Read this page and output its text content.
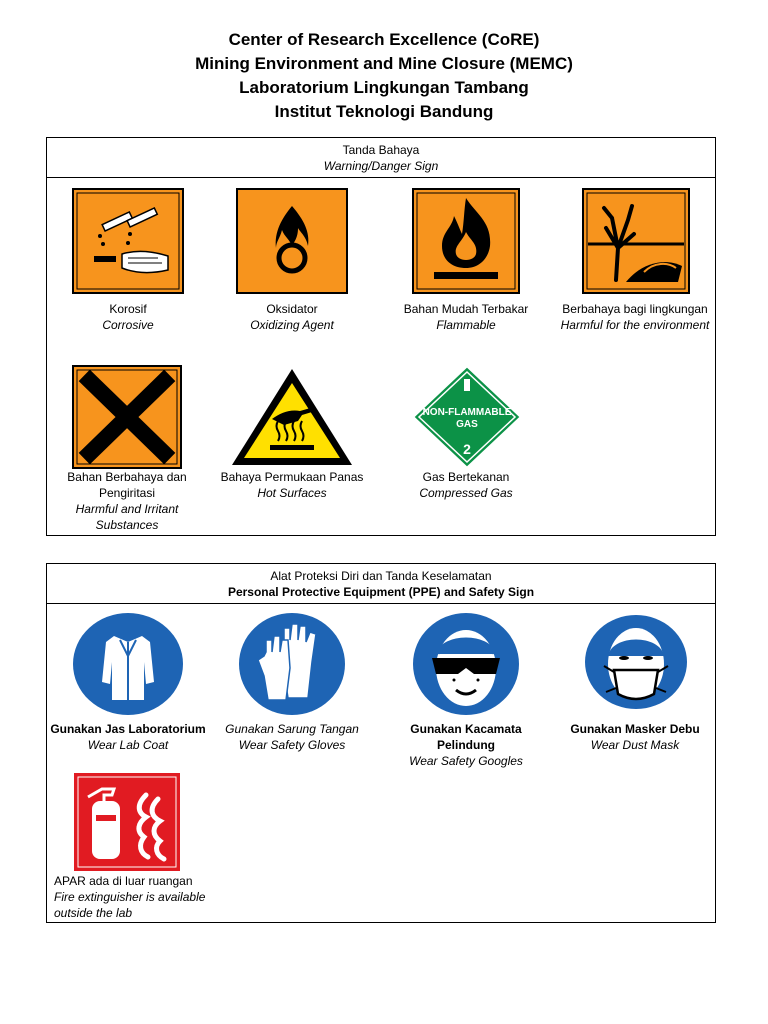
Center of Research Excellence (CoRE)
Mining Environment and Mine Closure (MEMC)
Laboratorium Lingkungan Tambang
Institut Teknologi Bandung
Tanda Bahaya
Warning/Danger Sign
Korosif
Corrosive
Oksidator
Oxidizing Agent
Bahan Mudah Terbakar
Flammable
Berbahaya bagi lingkungan
Harmful for the environment
Bahan Berbahaya dan Pengiritasi
Harmful and Irritant Substances
Bahaya Permukaan Panas
Hot Surfaces
NON-FLAMMABLE
GAS
2
Gas Bertekanan
Compressed Gas
Alat Proteksi Diri dan Tanda Keselamatan
Personal Protective Equipment (PPE) and Safety Sign
Gunakan Jas Laboratorium
Wear Lab Coat
Gunakan Sarung Tangan
Wear Safety Gloves
Gunakan Kacamata Pelindung
Wear Safety Googles
Gunakan Masker Debu
Wear Dust Mask
APAR ada di luar ruangan
Fire extinguisher is available outside the lab
